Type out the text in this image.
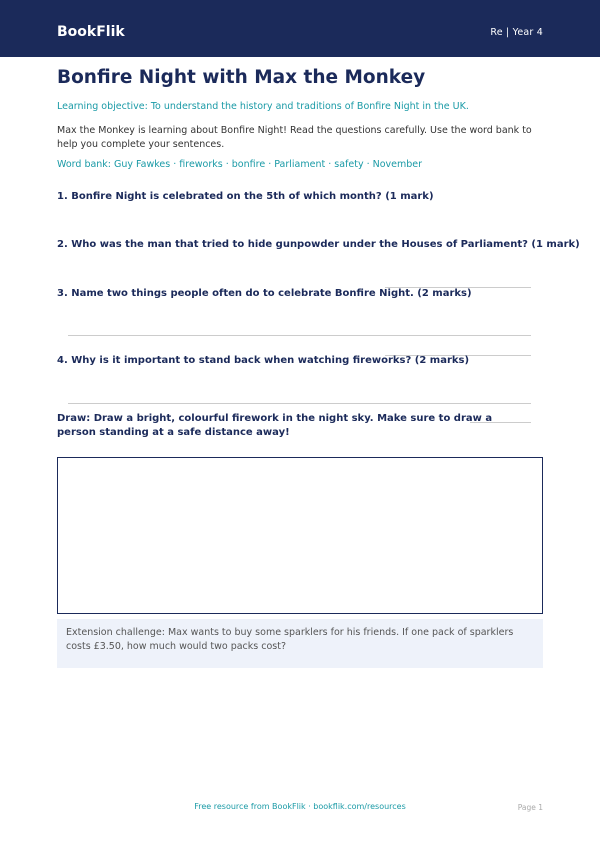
BookFlik	Re | Year 4
Bonfire Night with Max the Monkey
Learning objective: To understand the history and traditions of Bonfire Night in the UK.
Max the Monkey is learning about Bonfire Night! Read the questions carefully. Use the word bank to help you complete your sentences.
Word bank: Guy Fawkes · fireworks · bonfire · Parliament · safety · November
1. Bonfire Night is celebrated on the 5th of which month? (1 mark)
2. Who was the man that tried to hide gunpowder under the Houses of Parliament? (1 mark)
3. Name two things people often do to celebrate Bonfire Night. (2 marks)
4. Why is it important to stand back when watching fireworks? (2 marks)
Draw: Draw a bright, colourful firework in the night sky. Make sure to draw a person standing at a safe distance away!
Extension challenge: Max wants to buy some sparklers for his friends. If one pack of sparklers costs £3.50, how much would two packs cost?
Free resource from BookFlik · bookflik.com/resources	Page 1
